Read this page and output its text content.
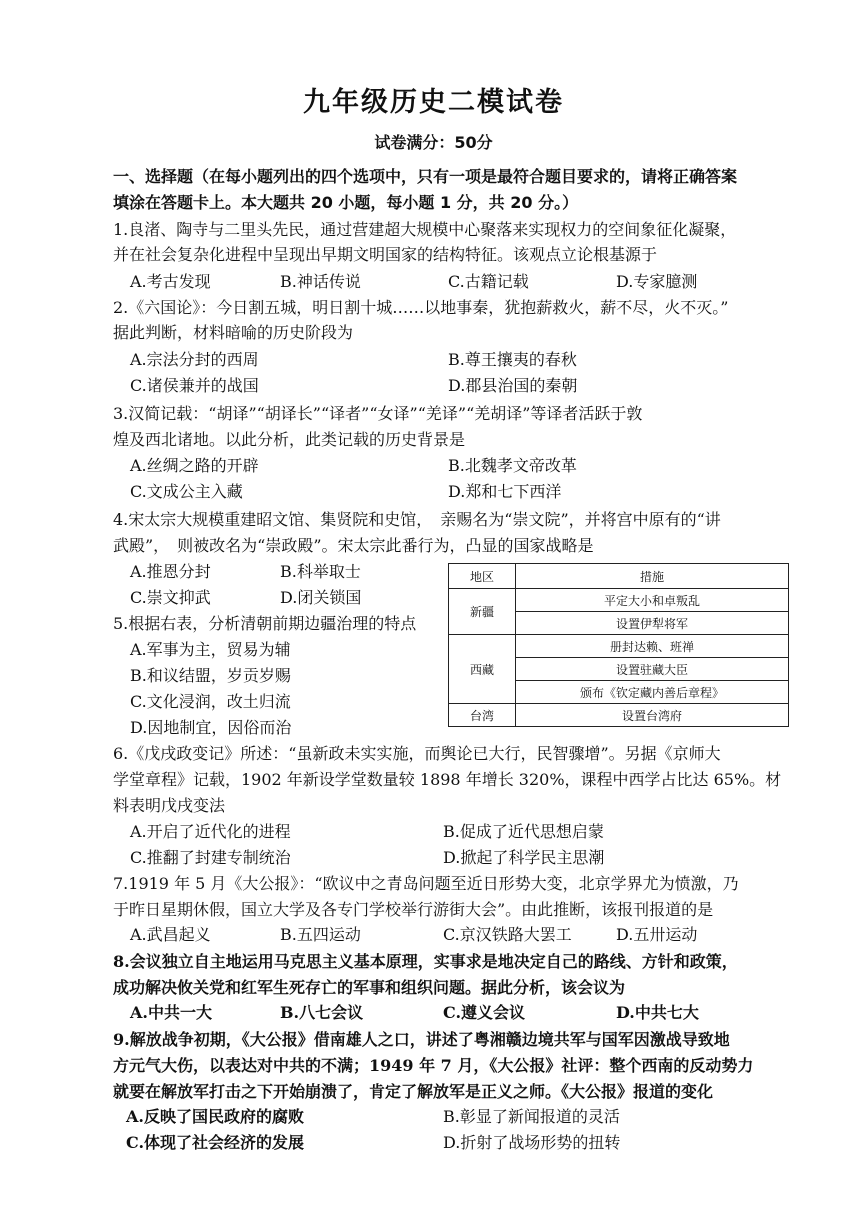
九年级历史二模试卷
试卷满分：50分
一、选择题（在每小题列出的四个选项中，只有一项是最符合题目要求的，请将正确答案
填涂在答题卡上。本大题共 20 小题，每小题 1 分，共 20 分。）
1.良渚、陶寺与二里头先民，通过营建超大规模中心聚落来实现权力的空间象征化凝聚，
并在社会复杂化进程中呈现出早期文明国家的结构特征。该观点立论根基源于
A.考古发现	B.神话传说	C.古籍记载	D.专家臆测
2.《六国论》：今日割五城，明日割十城……以地事秦，犹抱薪救火，薪不尽，火不灭。”
据此判断，材料暗喻的历史阶段为
A.宗法分封的西周	B.尊王攘夷的春秋
C.诸侯兼并的战国	D.郡县治国的秦朝
3.汉简记载：“胡译”“胡译长”“译者”“女译”“羌译”“羌胡译”等译者活跃于敦
煌及西北诸地。以此分析，此类记载的历史背景是
A.丝绸之路的开辟	B.北魏孝文帝改革
C.文成公主入藏	D.郑和七下西洋
4.宋太宗大规模重建昭文馆、集贤院和史馆，　亲赐名为“崇文院”，并将宫中原有的“讲
武殿”，　则被改名为“崇政殿”。宋太宗此番行为，凸显的国家战略是
A.推恩分封	B.科举取士
C.崇文抑武	D.闭关锁国
5.根据右表，分析清朝前期边疆治理的特点
A.军事为主，贸易为辅
B.和议结盟，岁贡岁赐
C.文化浸润，改土归流
D.因地制宜，因俗而治
地区	措施
新疆	平定大小和卓叛乱
	设置伊犁将军
西藏	册封达赖、班禅
	设置驻藏大臣
	颁布《钦定藏内善后章程》
台湾	设置台湾府
6.《戊戌政变记》所述：“虽新政未实实施，而舆论已大行，民智骤增”。另据《京师大
学堂章程》记载，1902 年新设学堂数量较 1898 年增长 320%，课程中西学占比达 65%。材
料表明戊戌变法
A.开启了近代化的进程	B.促成了近代思想启蒙
C.推翻了封建专制统治	D.掀起了科学民主思潮
7.1919 年 5 月《大公报》：“欧议中之青岛问题至近日形势大变，北京学界尤为愤激，乃
于昨日星期休假，国立大学及各专门学校举行游街大会”。由此推断，该报刊报道的是
A.武昌起义	B.五四运动	C.京汉铁路大罢工	D.五卅运动
8.会议独立自主地运用马克思主义基本原理，实事求是地决定自己的路线、方针和政策，
成功解决攸关党和红军生死存亡的军事和组织问题。据此分析，该会议为
A.中共一大	B.八七会议	C.遵义会议	D.中共七大
9.解放战争初期，《大公报》借南雄人之口，讲述了粤湘赣边境共军与国军因激战导致地
方元气大伤，以表达对中共的不满；1949 年 7 月，《大公报》社评：整个西南的反动势力
就要在解放军打击之下开始崩溃了，肯定了解放军是正义之师。《大公报》报道的变化
A.反映了国民政府的腐败	B.彰显了新闻报道的灵活
C.体现了社会经济的发展	D.折射了战场形势的扭转
